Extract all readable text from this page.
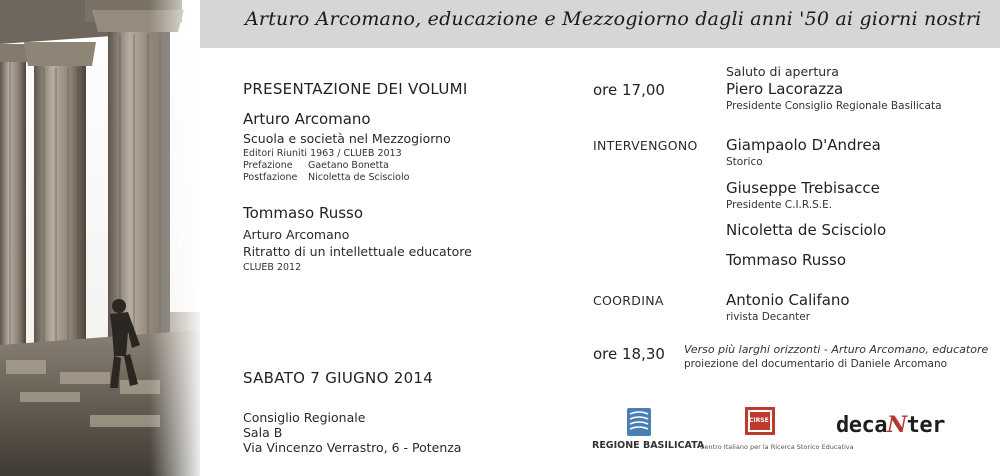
Arturo Arcomano, educazione e Mezzogiorno dagli anni '50 ai giorni nostri
PRESENTAZIONE DEI VOLUMI
Arturo Arcomano
Scuola e società nel Mezzogiorno
Editori Riuniti 1963 / CLUEB 2013
Prefazione Gaetano Bonetta
Postfazione Nicoletta de Scisciolo
Tommaso Russo
Arturo Arcomano
Ritratto di un intellettuale educatore
CLUEB 2012
SABATO 7 GIUGNO 2014
Consiglio Regionale
Sala B
Via Vincenzo Verrastro, 6 - Potenza
ore 17,00
Saluto di apertura
Piero Lacorazza
Presidente Consiglio Regionale Basilicata
INTERVENGONO Giampaolo D'Andrea
Storico
Giuseppe Trebisacce
Presidente C.I.R.S.E.
Nicoletta de Scisciolo
Tommaso Russo
COORDINA	Antonio Califano
rivista Decanter
ore 18,30 Verso più larghi orizzonti - Arturo Arcomano, educatore
proiezione del documentario di Daniele Arcomano
REGIONE BASILICATA
CIRSE
Centro Italiano per la Ricerca Storico Educativa
decaNter
